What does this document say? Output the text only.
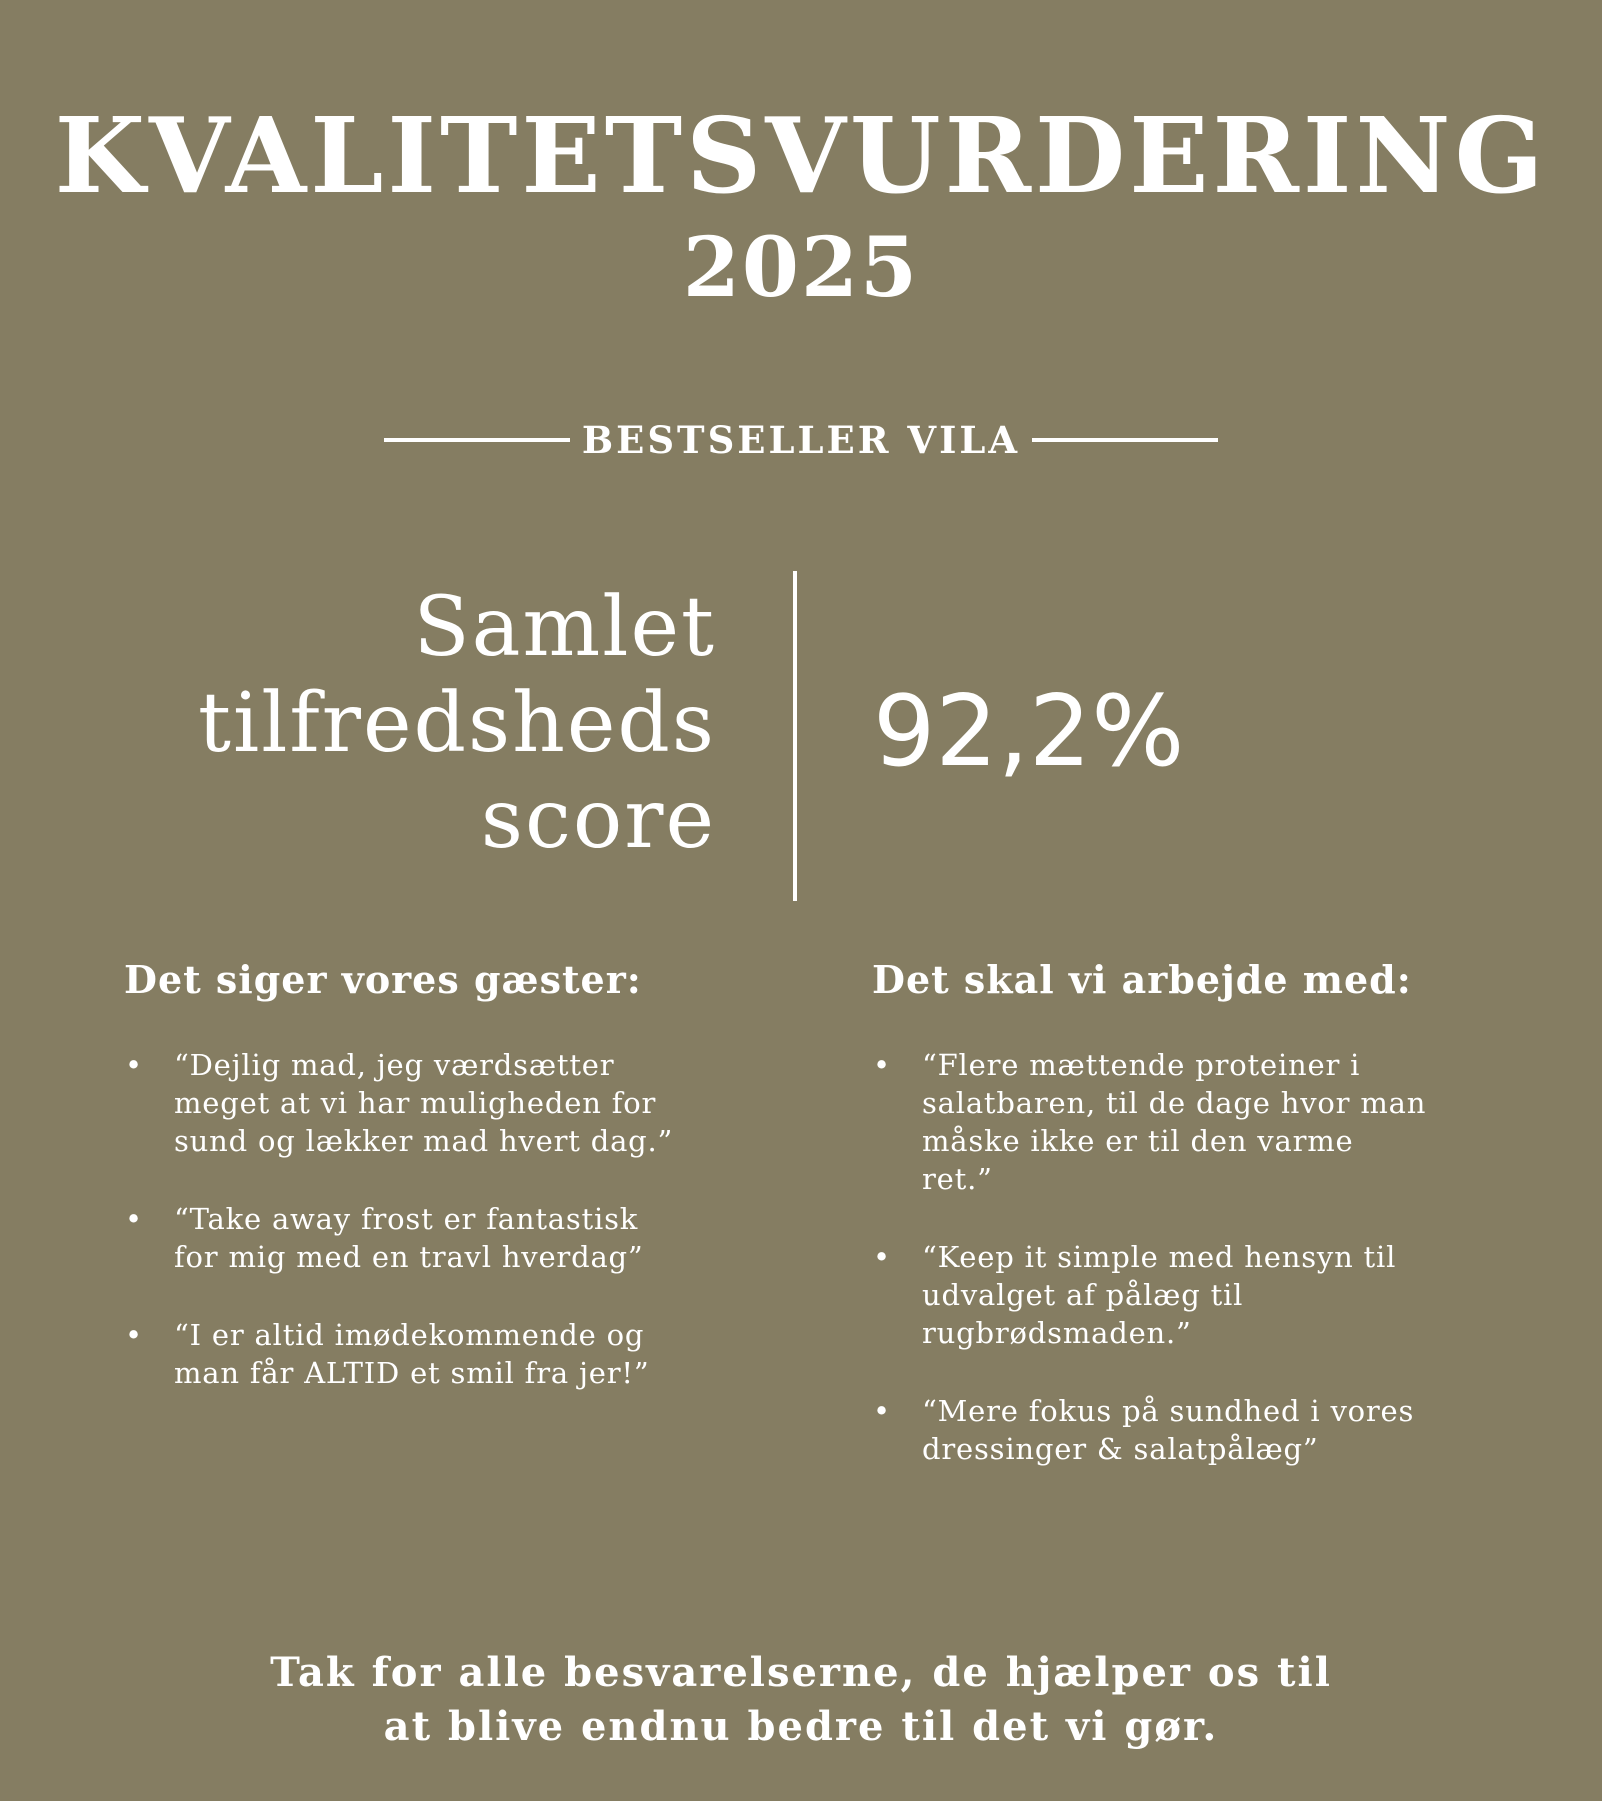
KVALITETSVURDERING
2025
BESTSELLER VILA
Samlet
tilfredsheds
score
92,2%
Det siger vores gæster:
• “Dejlig mad, jeg værdsætter meget at vi har muligheden for sund og lækker mad hvert dag.”
• “Take away frost er fantastisk for mig med en travl hverdag”
• “I er altid imødekommende og man får ALTID et smil fra jer!”
Det skal vi arbejde med:
• “Flere mættende proteiner i salatbaren, til de dage hvor man måske ikke er til den varme ret.”
• “Keep it simple med hensyn til udvalget af pålæg til rugbrødsmaden.”
• “Mere fokus på sundhed i vores dressinger & salatpålæg”
Tak for alle besvarelserne, de hjælper os til
at blive endnu bedre til det vi gør.
